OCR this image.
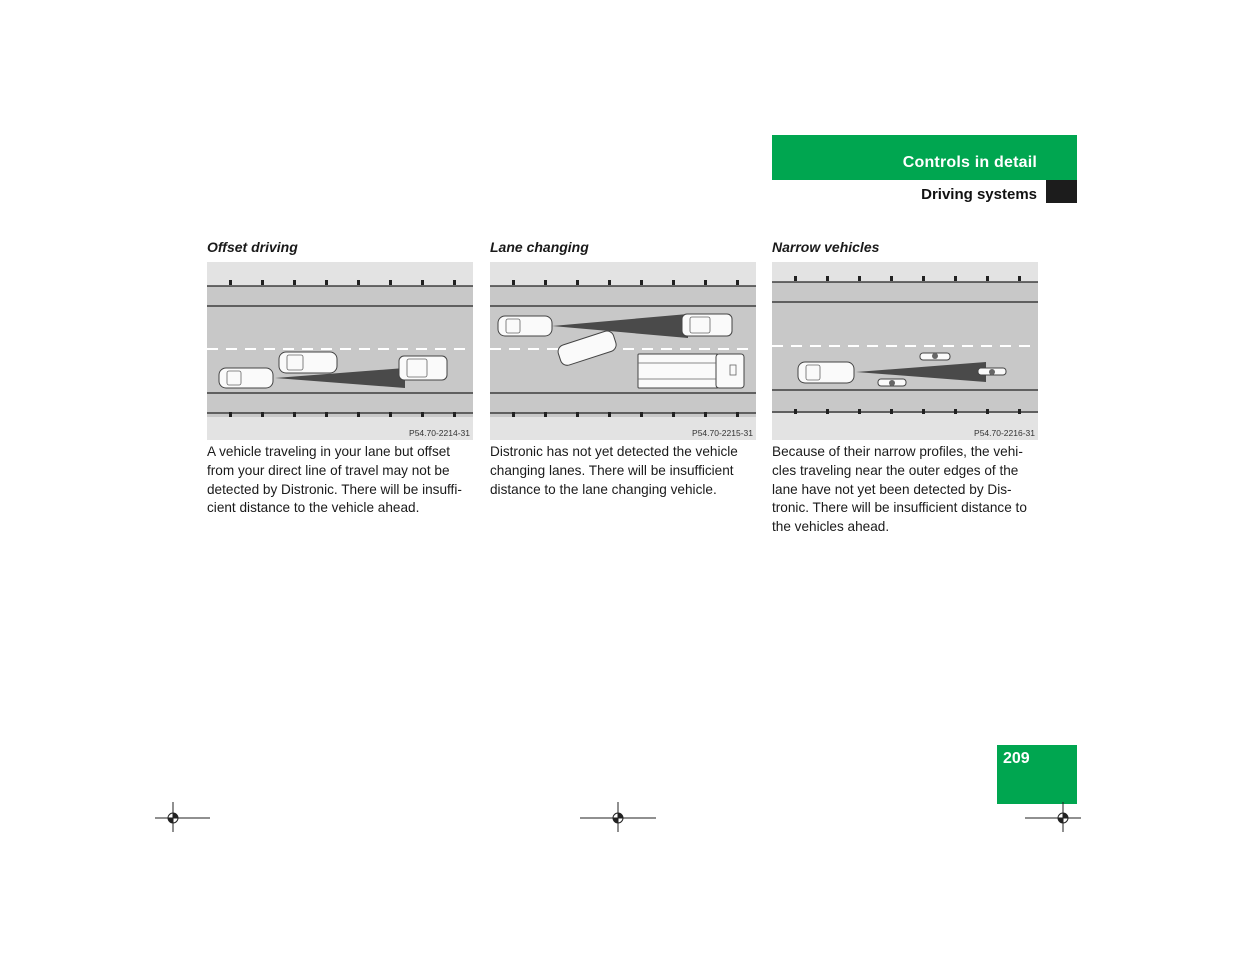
Controls in detail
Driving systems
Offset driving
P54.70-2214-31

A vehicle traveling in your lane but offset from your direct line of travel may not be detected by Distronic. There will be insuffi-cient distance to the vehicle ahead.

Lane changing
P54.70-2215-31

Distronic has not yet detected the vehicle changing lanes. There will be insufficient distance to the lane changing vehicle.

Narrow vehicles
P54.70-2216-31

Because of their narrow profiles, the vehi-cles traveling near the outer edges of the lane have not yet been detected by Dis-tronic. There will be insufficient distance to the vehicles ahead.

209
